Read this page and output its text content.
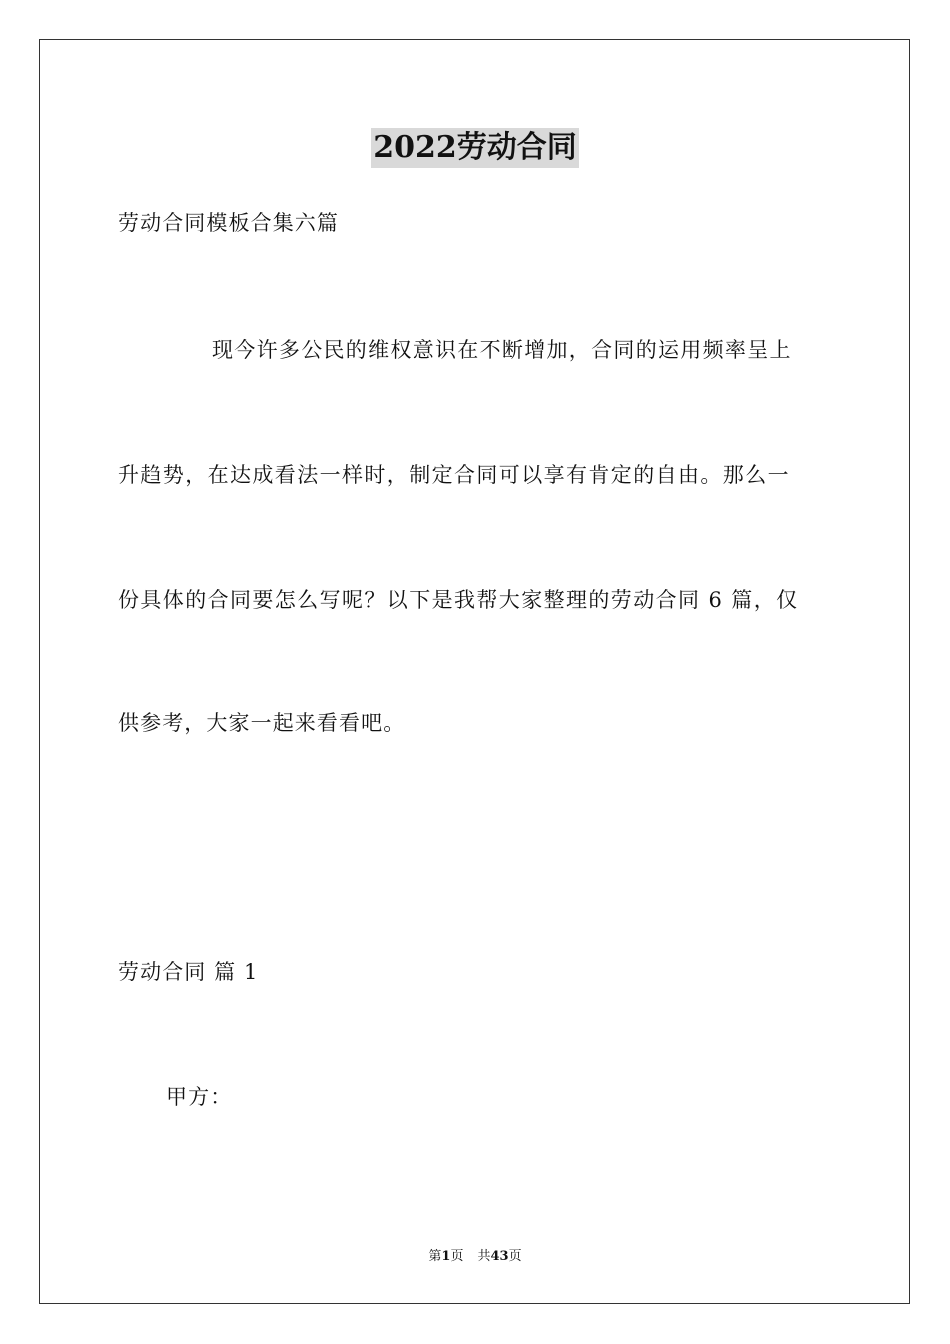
2022劳动合同
劳动合同模板合集六篇
现今许多公民的维权意识在不断增加，合同的运用频率呈上
升趋势，在达成看法一样时，制定合同可以享有肯定的自由。那么一
份具体的合同要怎么写呢？以下是我帮大家整理的劳动合同 6 篇，仅
供参考，大家一起来看看吧。
劳动合同 篇 1
甲方：
第1页 共43页
